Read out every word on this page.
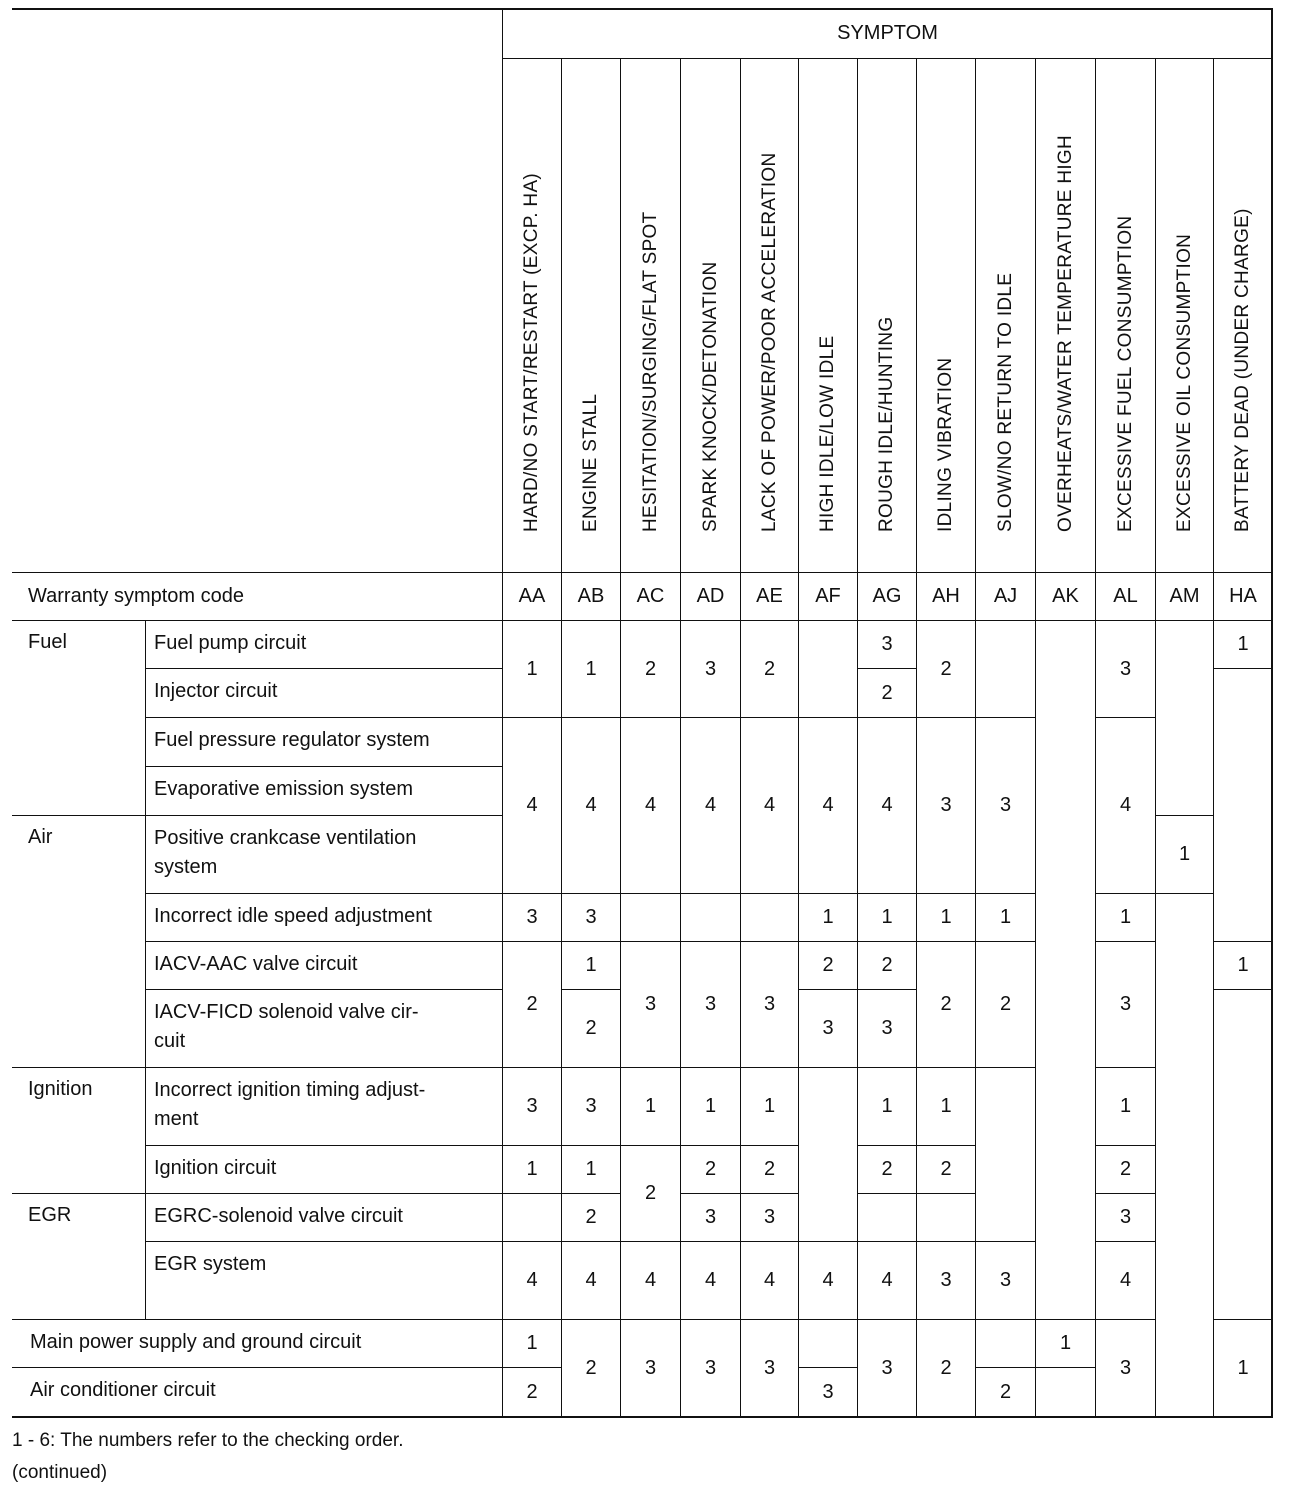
SYMPTOM
HARD/NO START/RESTART (EXCP. HA)
AA
ENGINE STALL
AB
HESITATION/SURGING/FLAT SPOT
AC
SPARK KNOCK/DETONATION
AD
LACK OF POWER/POOR ACCELERATION
AE
HIGH IDLE/LOW IDLE
AF
ROUGH IDLE/HUNTING
AG
IDLING VIBRATION
AH
SLOW/NO RETURN TO IDLE
AJ
OVERHEATS/WATER TEMPERATURE HIGH
AK
EXCESSIVE FUEL CONSUMPTION
AL
EXCESSIVE OIL CONSUMPTION
AM
BATTERY DEAD (UNDER CHARGE)
HA
Warranty symptom code
Fuel
Air
Ignition
EGR
Fuel pump circuit
Injector circuit
Fuel pressure regulator system
Evaporative emission system
Positive crankcase ventilation
system
Incorrect idle speed adjustment
IACV-AAC valve circuit
IACV-FICD solenoid valve cir-
cuit
Incorrect ignition timing adjust-
ment
Ignition circuit
EGRC-solenoid valve circuit
EGR system
Main power supply and ground circuit
Air conditioner circuit
1
4
3
2
3
1
4
1
2
1
4
3
1
2
3
1
2
4
2
2
4
3
1
2
4
3
3
4
3
1
2
3
4
3
2
4
3
1
2
3
4
3
4
1
2
3
4
3
3
2
4
1
2
3
1
2
4
3
2
3
1
2
1
2
3
2
3
1
2
3
2
1
3
4
1
3
1
2
3
4
3
1
1
1
1
1 - 6: The numbers refer to the checking order.
(continued)
